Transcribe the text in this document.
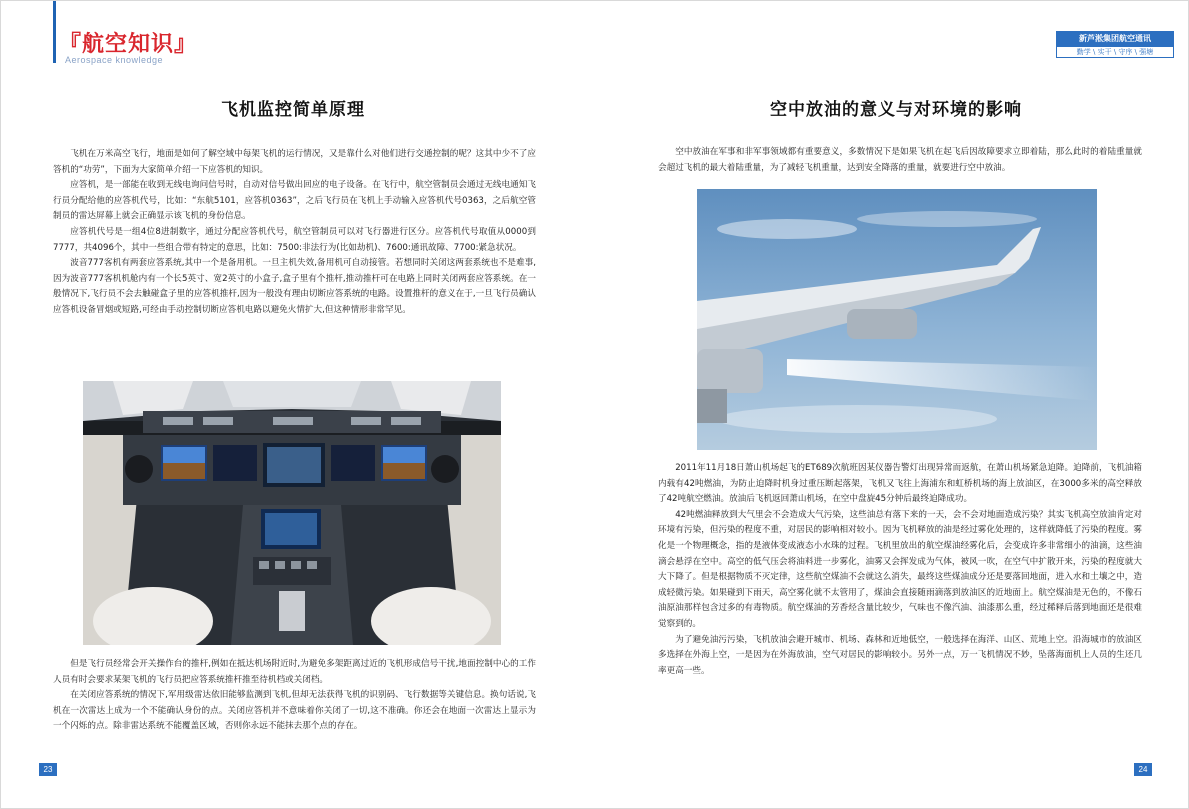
『航空知识』
Aerospace knowledge
新芦淞集团航空通讯
勤学 \ 实干 \ 守序 \ 强塘
飞机监控简单原理

飞机在万米高空飞行，地面是如何了解空域中每架飞机的运行情况，又是靠什么对他们进行交通控制的呢？这其中少不了应答机的“功劳”，下面为大家简单介绍一下应答机的知识。

应答机，是一部能在收到无线电询问信号时，自动对信号做出回应的电子设备。在飞行中，航空管制员会通过无线电通知飞行员分配给他的应答机代号，比如：“东航5101，应答机0363”，之后飞行员在飞机上手动输入应答机代号0363，之后航空管制员的雷达屏幕上就会正确显示该飞机的身份信息。

应答机代号是一组4位8进制数字，通过分配应答机代号，航空管制员可以对飞行器进行区分。应答机代号取值从0000到7777，共4096个，其中一些组合带有特定的意思，比如：7500:非法行为(比如劫机)、7600:通讯故障、7700:紧急状况。

波音777客机有两套应答系统,其中一个是备用机。一旦主机失效,备用机可自动接管。若想同时关闭这两套系统也不是难事,因为波音777客机机舱内有一个长5英寸、宽2英寸的小盒子,盒子里有个推杆,推动推杆可在电路上同时关闭两套应答系统。在一般情况下,飞行员不会去触碰盒子里的应答机推杆,因为一般没有理由切断应答系统的电路。设置推杆的意义在于,一旦飞行员确认应答机设备冒烟或短路,可经由手动控制切断应答机电路以避免火情扩大,但这种情形非常罕见。

但是飞行员经常会开关操作台的推杆,例如在抵达机场附近时,为避免多架距离过近的飞机形成信号干扰,地面控制中心的工作人员有时会要求某架飞机的飞行员把应答系统推杆推至待机档或关闭档。

在关闭应答系统的情况下,军用级雷达依旧能够监测到飞机,但却无法获得飞机的识别码、飞行数据等关键信息。换句话说,飞机在一次雷达上成为一个不能确认身份的点。关闭应答机并不意味着你关闭了一切,这不准确。你还会在地面一次雷达上显示为一个闪烁的点。除非雷达系统不能覆盖区域，否则你永远不能抹去那个点的存在。

23
空中放油的意义与对环境的影响

空中放油在军事和非军事领域都有重要意义，多数情况下是如果飞机在起飞后因故障要求立即着陆，那么此时的着陆重量就会超过飞机的最大着陆重量，为了减轻飞机重量，达到安全降落的重量，就要进行空中放油。

2011年11月18日萧山机场起飞的ET689次航班因某仪器告警灯出现异常而返航，在萧山机场紧急迫降。迫降前，飞机油箱内载有42吨燃油，为防止迫降时机身过重压断起落架，飞机又飞往上海浦东和虹桥机场的海上放油区，在3000多米的高空释放了42吨航空燃油。放油后飞机返回萧山机场，在空中盘旋45分钟后最终迫降成功。

42吨燃油释放到大气里会不会造成大气污染，这些油总有落下来的一天，会不会对地面造成污染？其实飞机高空放油肯定对环境有污染，但污染的程度不重，对居民的影响相对较小。因为飞机释放的油是经过雾化处理的，这样就降低了污染的程度。雾化是一个物理概念，指的是液体变成液态小水珠的过程。飞机里放出的航空煤油经雾化后，会变成许多非常细小的油滴，这些油滴会悬浮在空中。高空的低气压会将油料进一步雾化，油雾又会挥发成为气体，被风一吹，在空气中扩散开来，污染的程度就大大下降了。但是根据物质不灭定律，这些航空煤油不会就这么消失，最终这些煤油成分还是要落回地面，进入水和土壤之中，造成轻微污染。如果碰到下雨天，高空雾化就不太管用了，煤油会直接随雨滴落到放油区的近地面上。航空煤油是无色的，不像石油原油那样包含过多的有毒物质。航空煤油的芳香烃含量比较少，气味也不像汽油、油漆那么重，经过稀释后落到地面还是很难觉察到的。

为了避免油污污染，飞机放油会避开城市、机场、森林和近地低空，一般选择在海洋、山区、荒地上空。沿海城市的放油区多选择在外海上空，一是因为在外海放油，空气对居民的影响较小。另外一点，万一飞机情况不妙，坠落海面机上人员的生还几率更高一些。

24
